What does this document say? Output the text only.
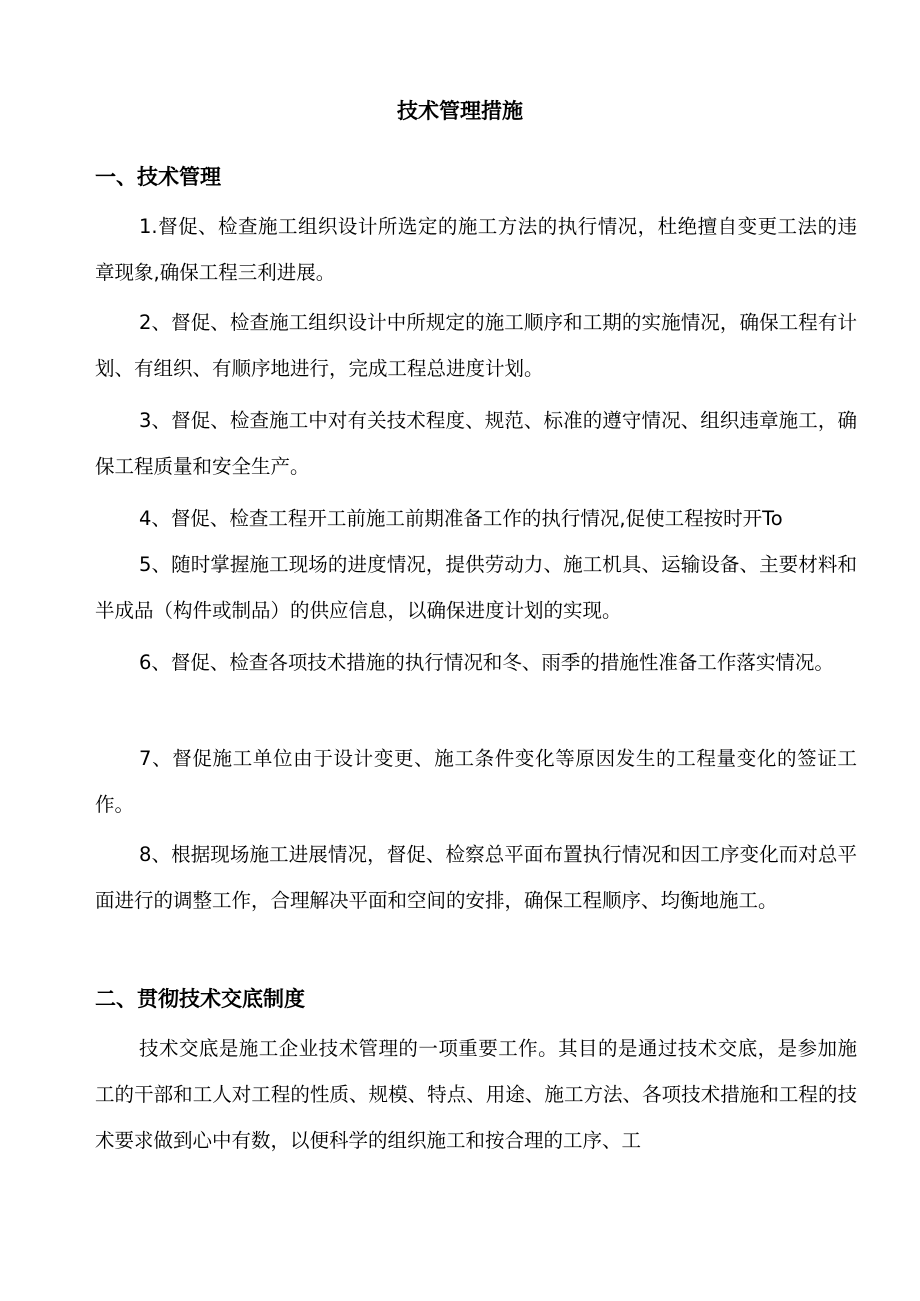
技术管理措施
一、技术管理

1.督促、检查施工组织设计所选定的施工方法的执行情况，杜绝擅自变更工法的违章现象,确保工程三利进展。

2、督促、检查施工组织设计中所规定的施工顺序和工期的实施情况，确保工程有计划、有组织、有顺序地进行，完成工程总进度计划。

3、督促、检查施工中对有关技术程度、规范、标准的遵守情况、组织违章施工，确保工程质量和安全生产。

4、督促、检查工程开工前施工前期准备工作的执行情况,促使工程按时开To

5、随时掌握施工现场的进度情况，提供劳动力、施工机具、运输设备、主要材料和半成品（构件或制品）的供应信息，以确保进度计划的实现。

6、督促、检查各项技术措施的执行情况和冬、雨季的措施性准备工作落实情况。

7、督促施工单位由于设计变更、施工条件变化等原因发生的工程量变化的签证工作。

8、根据现场施工进展情况，督促、检察总平面布置执行情况和因工序变化而对总平面进行的调整工作，合理解决平面和空间的安排，确保工程顺序、均衡地施工。

二、贯彻技术交底制度

技术交底是施工企业技术管理的一项重要工作。其目的是通过技术交底，是参加施工的干部和工人对工程的性质、规模、特点、用途、施工方法、各项技术措施和工程的技术要求做到心中有数，以便科学的组织施工和按合理的工序、工
